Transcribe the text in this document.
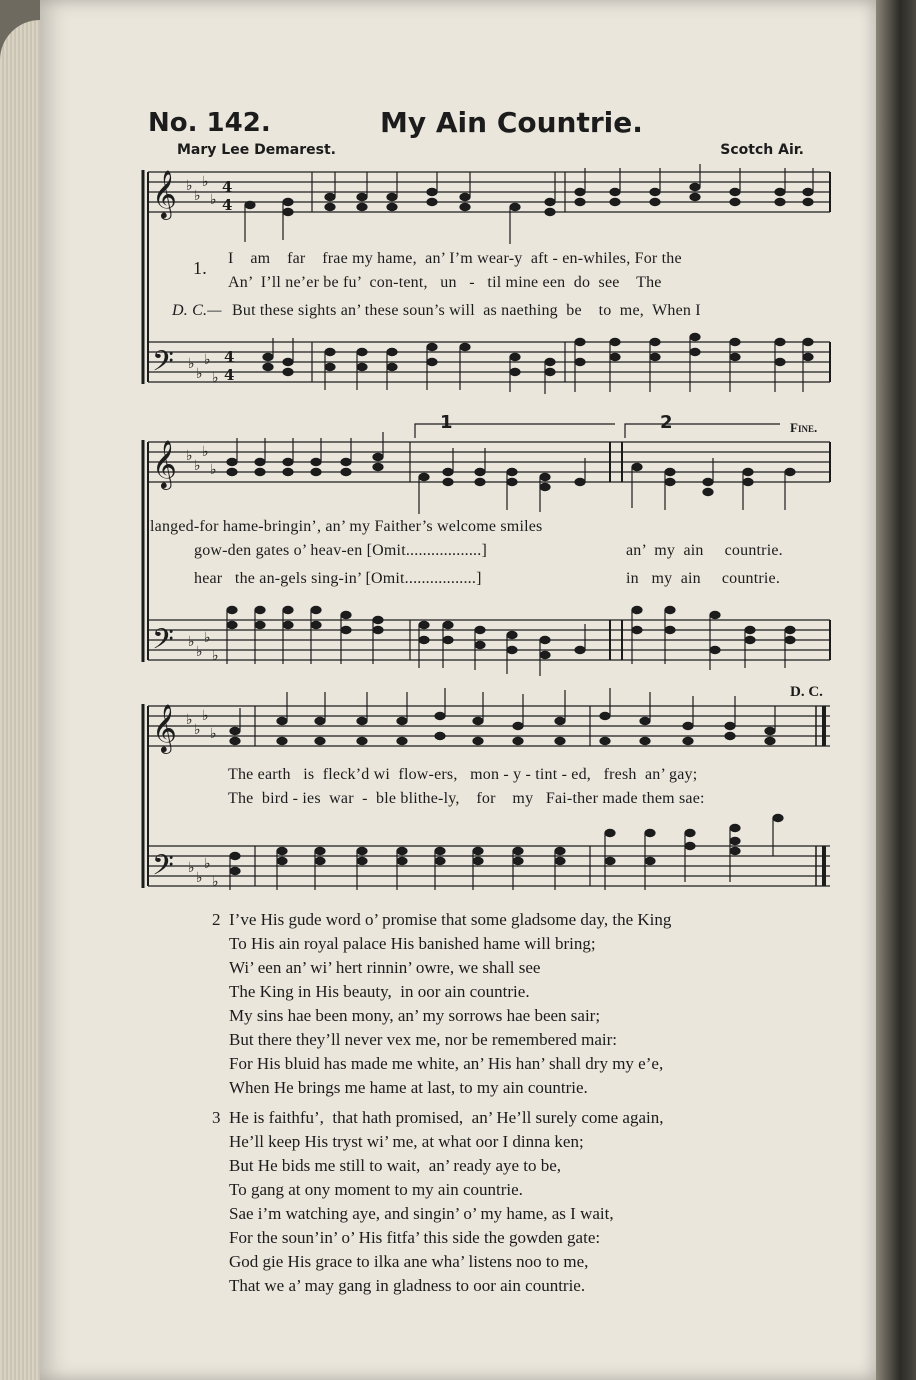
No. 142.	My Ain Countrie.
Mary Lee Demarest.	Scotch Air.
𝄞
𝄢
♭
♭
♭
♭
♭
♭
♭
♭
4
4
4
4
1. I    am    far    frae my hame,  an’ I’m wear-y  aft - en-whiles, For the
An’  I’ll ne’er be fu’  con-tent,   un   -   til mine een  do  see    The
D. C.— But these sights an’ these soun’s will  as naething  be    to  me,  When I
𝄞
𝄢
♭
♭
♭
♭
♭
♭
♭
♭
1	2	Fine.
langed-for hame-bringin’, an’ my Faither’s welcome smiles
gow-den gates o’ heav-en [Omit..................]	an’  my  ain     countrie.
hear   the an-gels sing-in’ [Omit.................]	in   my  ain     countrie.
𝄞
𝄢
♭
♭
♭
♭
♭
♭
♭
♭
D. C.
The earth   is  fleck’d wi  flow-ers,   mon - y - tint - ed,   fresh  an’ gay;
The  bird - ies  war  -  ble blithe-ly,    for    my   Fai-ther made them sae:
2 I’ve His gude word o’ promise that some gladsome day, the King
To His ain royal palace His banished hame will bring;
Wi’ een an’ wi’ hert rinnin’ owre, we shall see
The King in His beauty,  in oor ain countrie.
My sins hae been mony, an’ my sorrows hae been sair;
But there they’ll never vex me, nor be remembered mair:
For His bluid has made me white, an’ His han’ shall dry my e’e,
When He brings me hame at last, to my ain countrie.
3 He is faithfu’,  that hath promised,  an’ He’ll surely come again,
He’ll keep His tryst wi’ me, at what oor I dinna ken;
But He bids me still to wait,  an’ ready aye to be,
To gang at ony moment to my ain countrie.
Sae i’m watching aye, and singin’ o’ my hame, as I wait,
For the soun’in’ o’ His fitfa’ this side the gowden gate:
God gie His grace to ilka ane wha’ listens noo to me,
That we a’ may gang in gladness to oor ain countrie.
